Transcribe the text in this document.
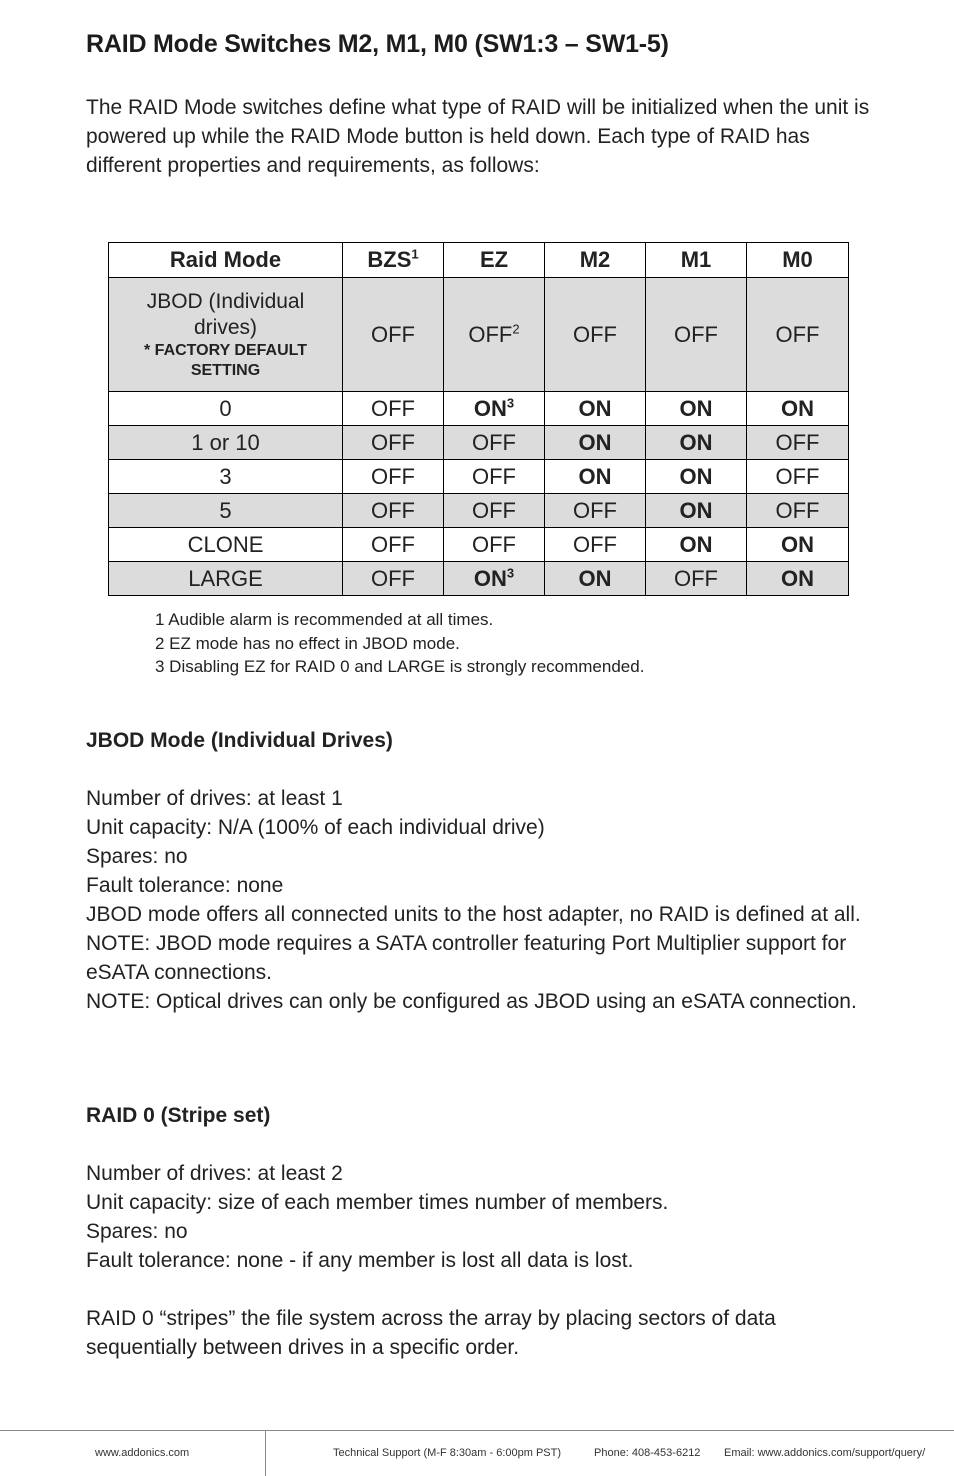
RAID Mode Switches M2, M1, M0 (SW1:3 – SW1-5)
The RAID Mode switches define what type of RAID will be initialized when the unit is powered up while the RAID Mode button is held down. Each type of RAID has different properties and requirements, as follows:
Raid Mode	BZS$^1$	EZ	M2	M1	M0

JBOD (Individual drives)
* FACTORY DEFAULT SETTING	OFF	OFF$^2$	OFF	OFF	OFF
0	OFF	$ON^3$	ON	ON	ON
1 or 10	OFF	OFF	ON	ON	OFF
3	OFF	OFF	ON	ON	OFF
5	OFF	OFF	OFF	ON	OFF
CLONE	OFF	OFF	OFF	ON	ON
LARGE	OFF	$ON^3$	ON	OFF	ON
1 Audible alarm is recommended at all times.
2 EZ mode has no effect in JBOD mode.
3 Disabling EZ for RAID 0 and LARGE is strongly recommended.
JBOD Mode (Individual Drives)

Number of drives: at least 1

Unit capacity: N/A (100% of each individual drive)

Spares: no

Fault tolerance: none

JBOD mode offers all connected units to the host adapter, no RAID is defined at all.

NOTE: JBOD mode requires a SATA controller featuring Port Multiplier support for eSATA connections.

NOTE: Optical drives can only be configured as JBOD using an eSATA connection.

RAID 0 (Stripe set)

Number of drives: at least 2

Unit capacity: size of each member times number of members.

Spares: no

Fault tolerance: none - if any member is lost all data is lost.

RAID 0 “stripes” the file system across the array by placing sectors of data sequentially between drives in a specific order.

www.addonics.com	Technical Support (M-F 8:30am - 6:00pm PST)	Phone: 408-453-6212 Email: www.addonics.com/support/query/
